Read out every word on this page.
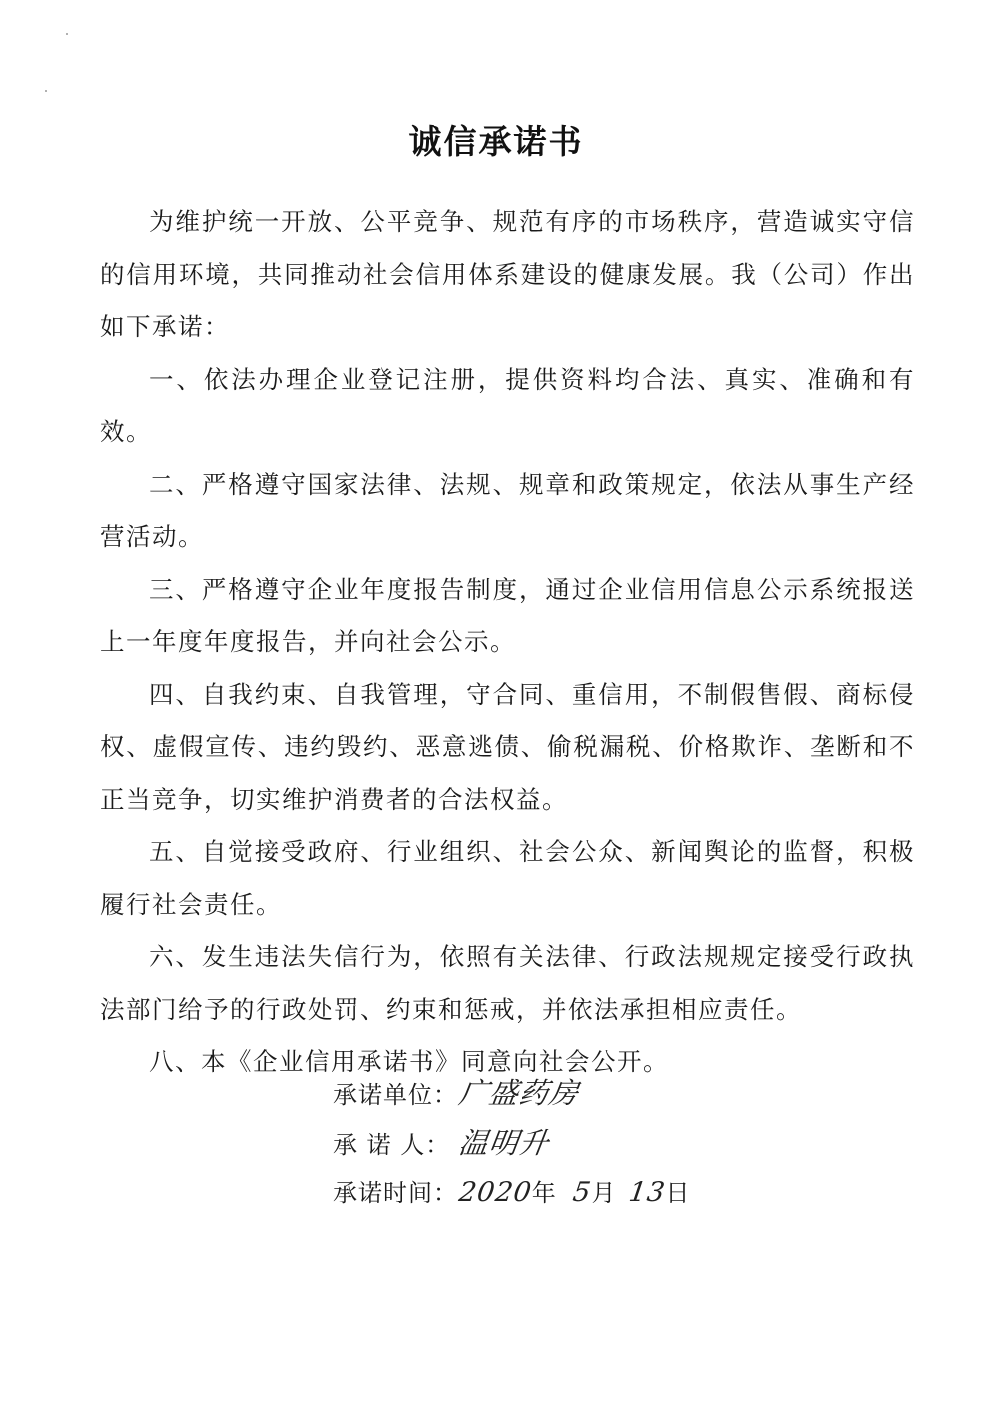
诚信承诺书

为维护统一开放、公平竞争、规范有序的市场秩序，营造诚实守信的信用环境，共同推动社会信用体系建设的健康发展。我（公司）作出如下承诺：

一、依法办理企业登记注册，提供资料均合法、真实、准确和有效。

二、严格遵守国家法律、法规、规章和政策规定，依法从事生产经营活动。

三、严格遵守企业年度报告制度，通过企业信用信息公示系统报送上一年度年度报告，并向社会公示。

四、自我约束、自我管理，守合同、重信用，不制假售假、商标侵权、虚假宣传、违约毁约、恶意逃债、偷税漏税、价格欺诈、垄断和不正当竞争，切实维护消费者的合法权益。

五、自觉接受政府、行业组织、社会公众、新闻舆论的监督，积极履行社会责任。

六、发生违法失信行为，依照有关法律、行政法规规定接受行政执法部门给予的行政处罚、约束和惩戒，并依法承担相应责任。

八、本《企业信用承诺书》同意向社会公开。

承诺单位：广盛药房
承 诺 人： 温明升
承诺时间：2020年 5月 13日
